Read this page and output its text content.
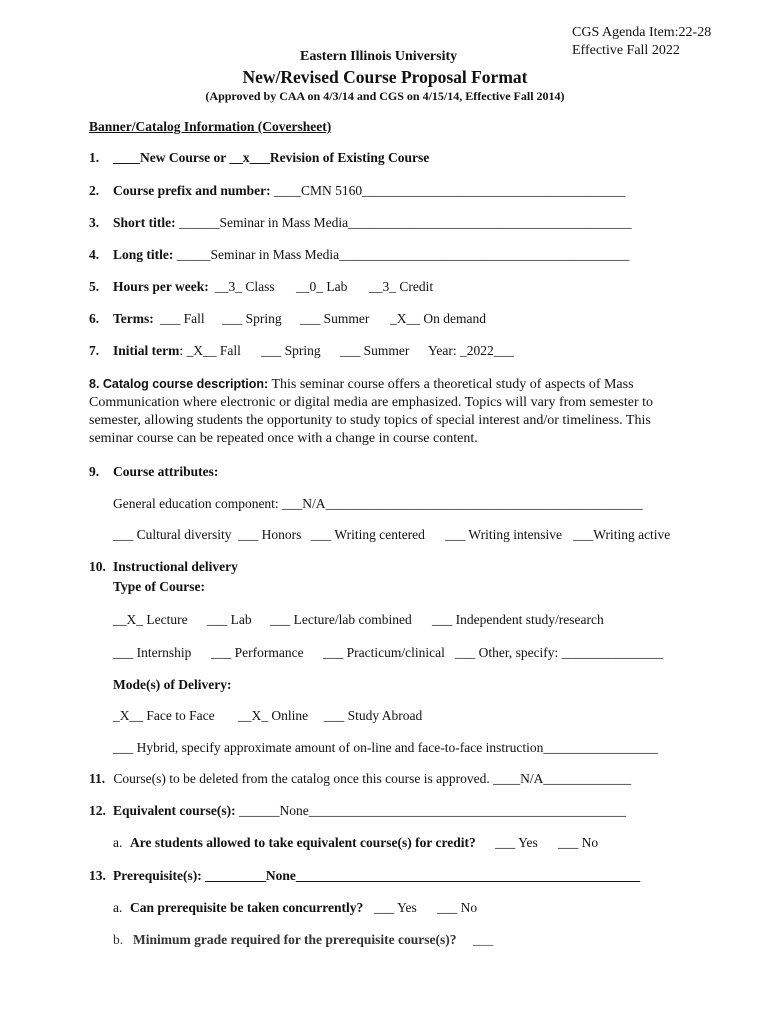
CGS Agenda Item:22-28
Effective Fall 2022
Eastern Illinois University
New/Revised Course Proposal Format
(Approved by CAA on 4/3/14 and CGS on 4/15/14, Effective Fall 2014)
Banner/Catalog Information (Coversheet)
1. ____New Course or __x___Revision of Existing Course
2. Course prefix and number: ____CMN 5160_______________________________________
3. Short title: ______Seminar in Mass Media__________________________________________
4. Long title: _____Seminar in Mass Media___________________________________________
5. Hours per week: __3_ Class __0_ Lab __3_ Credit
6. Terms: ___ Fall ___ Spring ___ Summer _X__ On demand
7. Initial term: _X__ Fall ___ Spring ___ Summer Year: _2022___
8. Catalog course description: This seminar course offers a theoretical study of aspects of Mass Communication where electronic or digital media are emphasized. Topics will vary from semester to semester, allowing students the opportunity to study topics of special interest and/or timeliness. This seminar course can be repeated once with a change in course content.
9. Course attributes:
General education component: ___N/A_______________________________________________
___ Cultural diversity ___ Honors ___ Writing centered ___ Writing intensive ___Writing active
10. Instructional delivery
Type of Course:
__X_ Lecture ___ Lab ___ Lecture/lab combined ___ Independent study/research
___ Internship ___ Performance ___ Practicum/clinical ___ Other, specify: _______________
Mode(s) of Delivery:
_X__ Face to Face __X_ Online ___ Study Abroad
___ Hybrid, specify approximate amount of on-line and face-to-face instruction_________________
11. Course(s) to be deleted from the catalog once this course is approved. ____N/A_____________
12. Equivalent course(s): ______None_______________________________________________
a. Are students allowed to take equivalent course(s) for credit? ___ Yes ___ No
13. Prerequisite(s): _________None___________________________________________________
a. Can prerequisite be taken concurrently? ___ Yes ___ No
b. Minimum grade required for the prerequisite course(s)? ___
